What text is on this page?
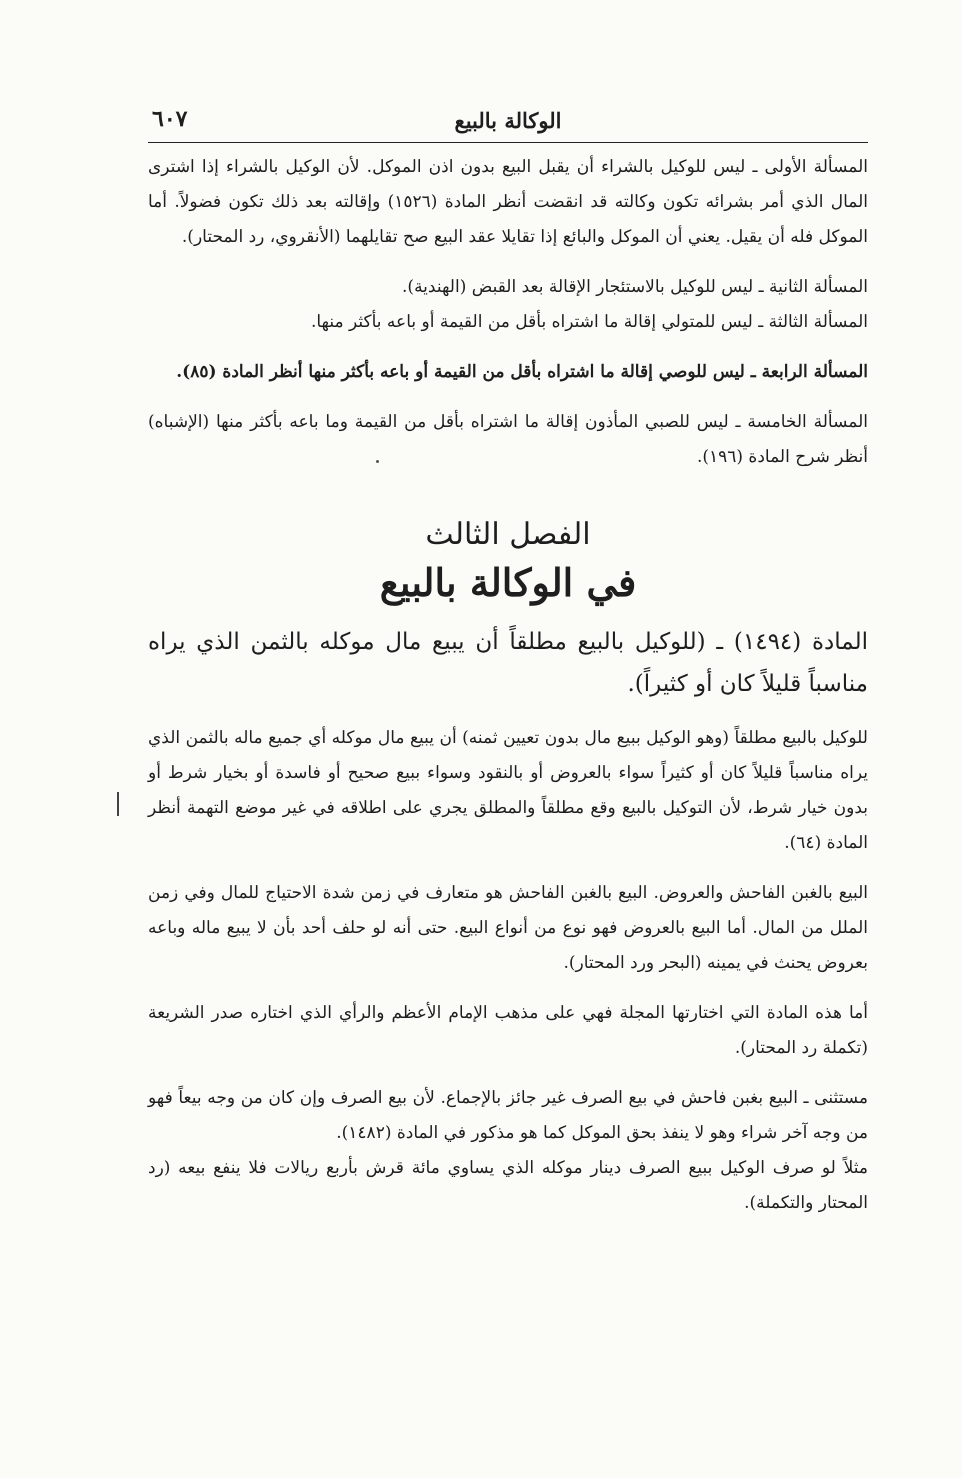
الوكالة بالبيع
٦٠٧

المسألة الأولى ـ ليس للوكيل بالشراء أن يقبل البيع بدون اذن الموكل. لأن الوكيل بالشراء إذا اشترى المال الذي أمر بشرائه تكون وكالته قد انقضت أنظر المادة (١٥٢٦) وإقالته بعد ذلك تكون فضولاً. أما الموكل فله أن يقيل. يعني أن الموكل والبائع إذا تقايلا عقد البيع صح تقايلهما (الأنقروي، رد المحتار).

المسألة الثانية ـ ليس للوكيل بالاستئجار الإقالة بعد القبض (الهندية).

المسألة الثالثة ـ ليس للمتولي إقالة ما اشتراه بأقل من القيمة أو باعه بأكثر منها.

المسألة الرابعة ـ ليس للوصي إقالة ما اشتراه بأقل من القيمة أو باعه بأكثر منها أنظر المادة (٨٥).

المسألة الخامسة ـ ليس للصبي المأذون إقالة ما اشتراه بأقل من القيمة وما باعه بأكثر منها (الإشباه) أنظر شرح المادة (١٩٦).

الفصل الثالث
في الوكالة بالبيع

المادة (١٤٩٤) ـ (للوكيل بالبيع مطلقاً أن يبيع مال موكله بالثمن الذي يراه مناسباً قليلاً كان أو كثيراً).

للوكيل بالبيع مطلقاً (وهو الوكيل ببيع مال بدون تعيين ثمنه) أن يبيع مال موكله أي جميع ماله بالثمن الذي يراه مناسباً قليلاً كان أو كثيراً سواء بالعروض أو بالنقود وسواء ببيع صحيح أو فاسدة أو بخيار شرط أو بدون خيار شرط، لأن التوكيل بالبيع وقع مطلقاً والمطلق يجري على اطلاقه في غير موضع التهمة أنظر المادة (٦٤).

البيع بالغبن الفاحش والعروض. البيع بالغبن الفاحش هو متعارف في زمن شدة الاحتياج للمال وفي زمن الملل من المال. أما البيع بالعروض فهو نوع من أنواع البيع. حتى أنه لو حلف أحد بأن لا يبيع ماله وباعه بعروض يحنث في يمينه (البحر ورد المحتار).

أما هذه المادة التي اختارتها المجلة فهي على مذهب الإمام الأعظم والرأي الذي اختاره صدر الشريعة (تكملة رد المحتار).

مستثنى ـ البيع بغبن فاحش في بيع الصرف غير جائز بالإجماع. لأن بيع الصرف وإن كان من وجه بيعاً فهو من وجه آخر شراء وهو لا ينفذ بحق الموكل كما هو مذكور في المادة (١٤٨٢).

مثلاً لو صرف الوكيل ببيع الصرف دينار موكله الذي يساوي مائة قرش بأربع ريالات فلا ينفع بيعه (رد المحتار والتكملة).
